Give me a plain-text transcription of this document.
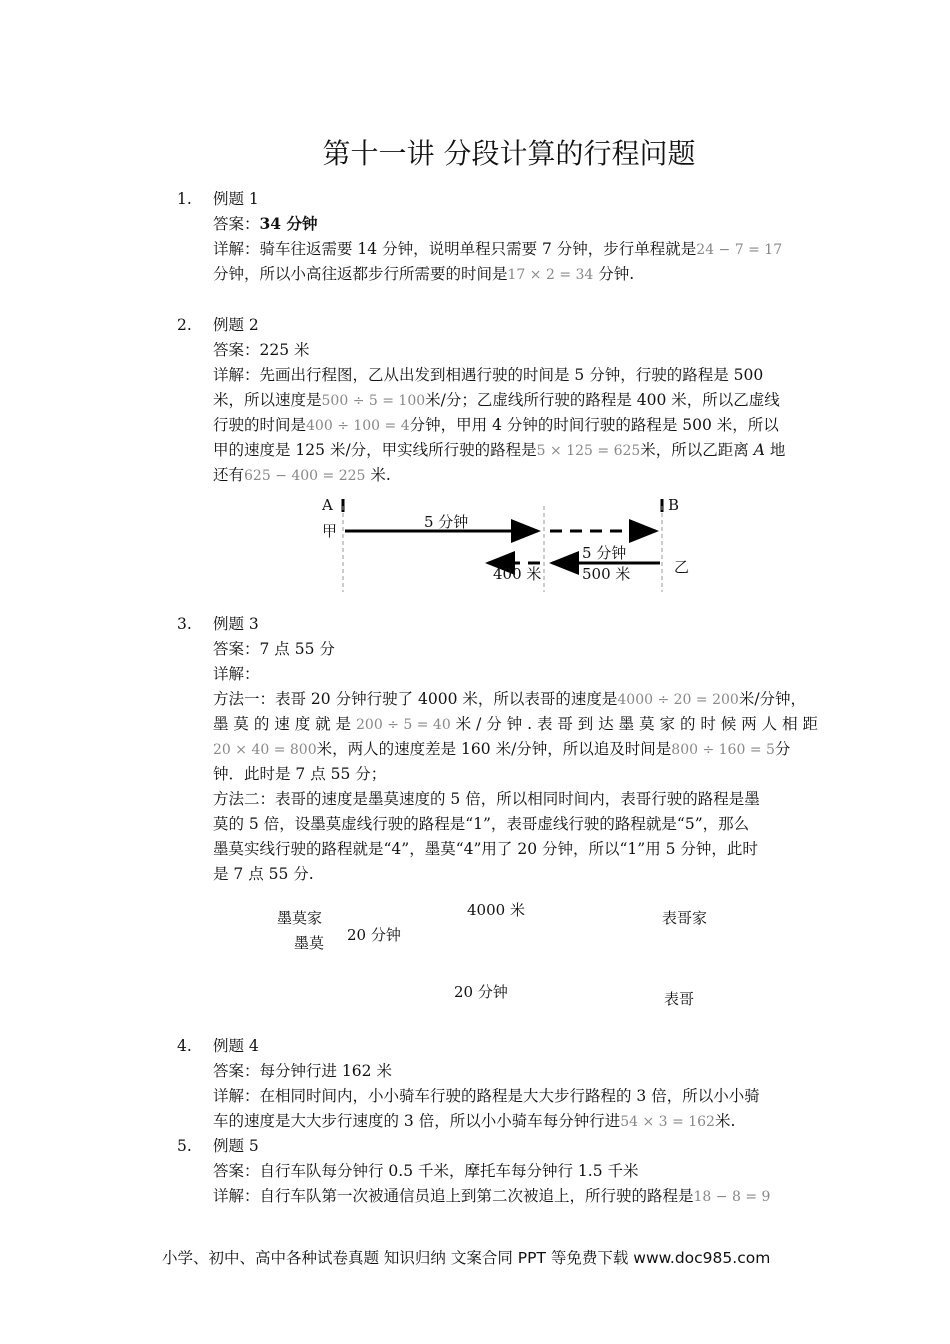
第十一讲 分段计算的行程问题
1. 例题 1
答案：34 分钟
详解：骑车往返需要 14 分钟，说明单程只需要 7 分钟，步行单程就是24 − 7 = 17
分钟，所以小高往返都步行所需要的时间是17 × 2 = 34 分钟.
2. 例题 2
答案：225 米
详解：先画出行程图，乙从出发到相遇行驶的时间是 5 分钟，行驶的路程是 500
米，所以速度是500 ÷ 5 = 100米/分；乙虚线所行驶的路程是 400 米，所以乙虚线
行驶的时间是400 ÷ 100 = 4分钟，甲用 4 分钟的时间行驶的路程是 500 米，所以
甲的速度是 125 米/分，甲实线所行驶的路程是5 × 125 = 625米，所以乙距离 A 地
还有625 − 400 = 225 米.
A	B
甲
乙
5 分钟
5 分钟
400 米	500 米
3. 例题 3
答案：7 点 55 分
详解：
方法一：表哥 20 分钟行驶了 4000 米，所以表哥的速度是4000 ÷ 20 = 200米/分钟，
墨 莫 的 速 度 就 是 200 ÷ 5 = 40 米 / 分 钟 . 表 哥 到 达 墨 莫 家 的 时 候 两 人 相 距
20 × 40 = 800米，两人的速度差是 160 米/分钟，所以追及时间是800 ÷ 160 = 5分
钟．此时是 7 点 55 分；
方法二：表哥的速度是墨莫速度的 5 倍，所以相同时间内，表哥行驶的路程是墨
莫的 5 倍，设墨莫虚线行驶的路程是“1”，表哥虚线行驶的路程就是“5”，那么
墨莫实线行驶的路程就是“4”，墨莫“4”用了 20 分钟，所以“1”用 5 分钟，此时
是 7 点 55 分.
墨莫家
墨莫 20 分钟
4000 米	表哥家
20 分钟	表哥
4. 例题 4
答案：每分钟行进 162 米
详解：在相同时间内，小小骑车行驶的路程是大大步行路程的 3 倍，所以小小骑
车的速度是大大步行速度的 3 倍，所以小小骑车每分钟行进54 × 3 = 162米.
5. 例题 5
答案：自行车队每分钟行 0.5 千米，摩托车每分钟行 1.5 千米
详解：自行车队第一次被通信员追上到第二次被追上，所行驶的路程是18 − 8 = 9
小学、初中、高中各种试卷真题 知识归纳 文案合同 PPT 等免费下载 www.doc985.com
